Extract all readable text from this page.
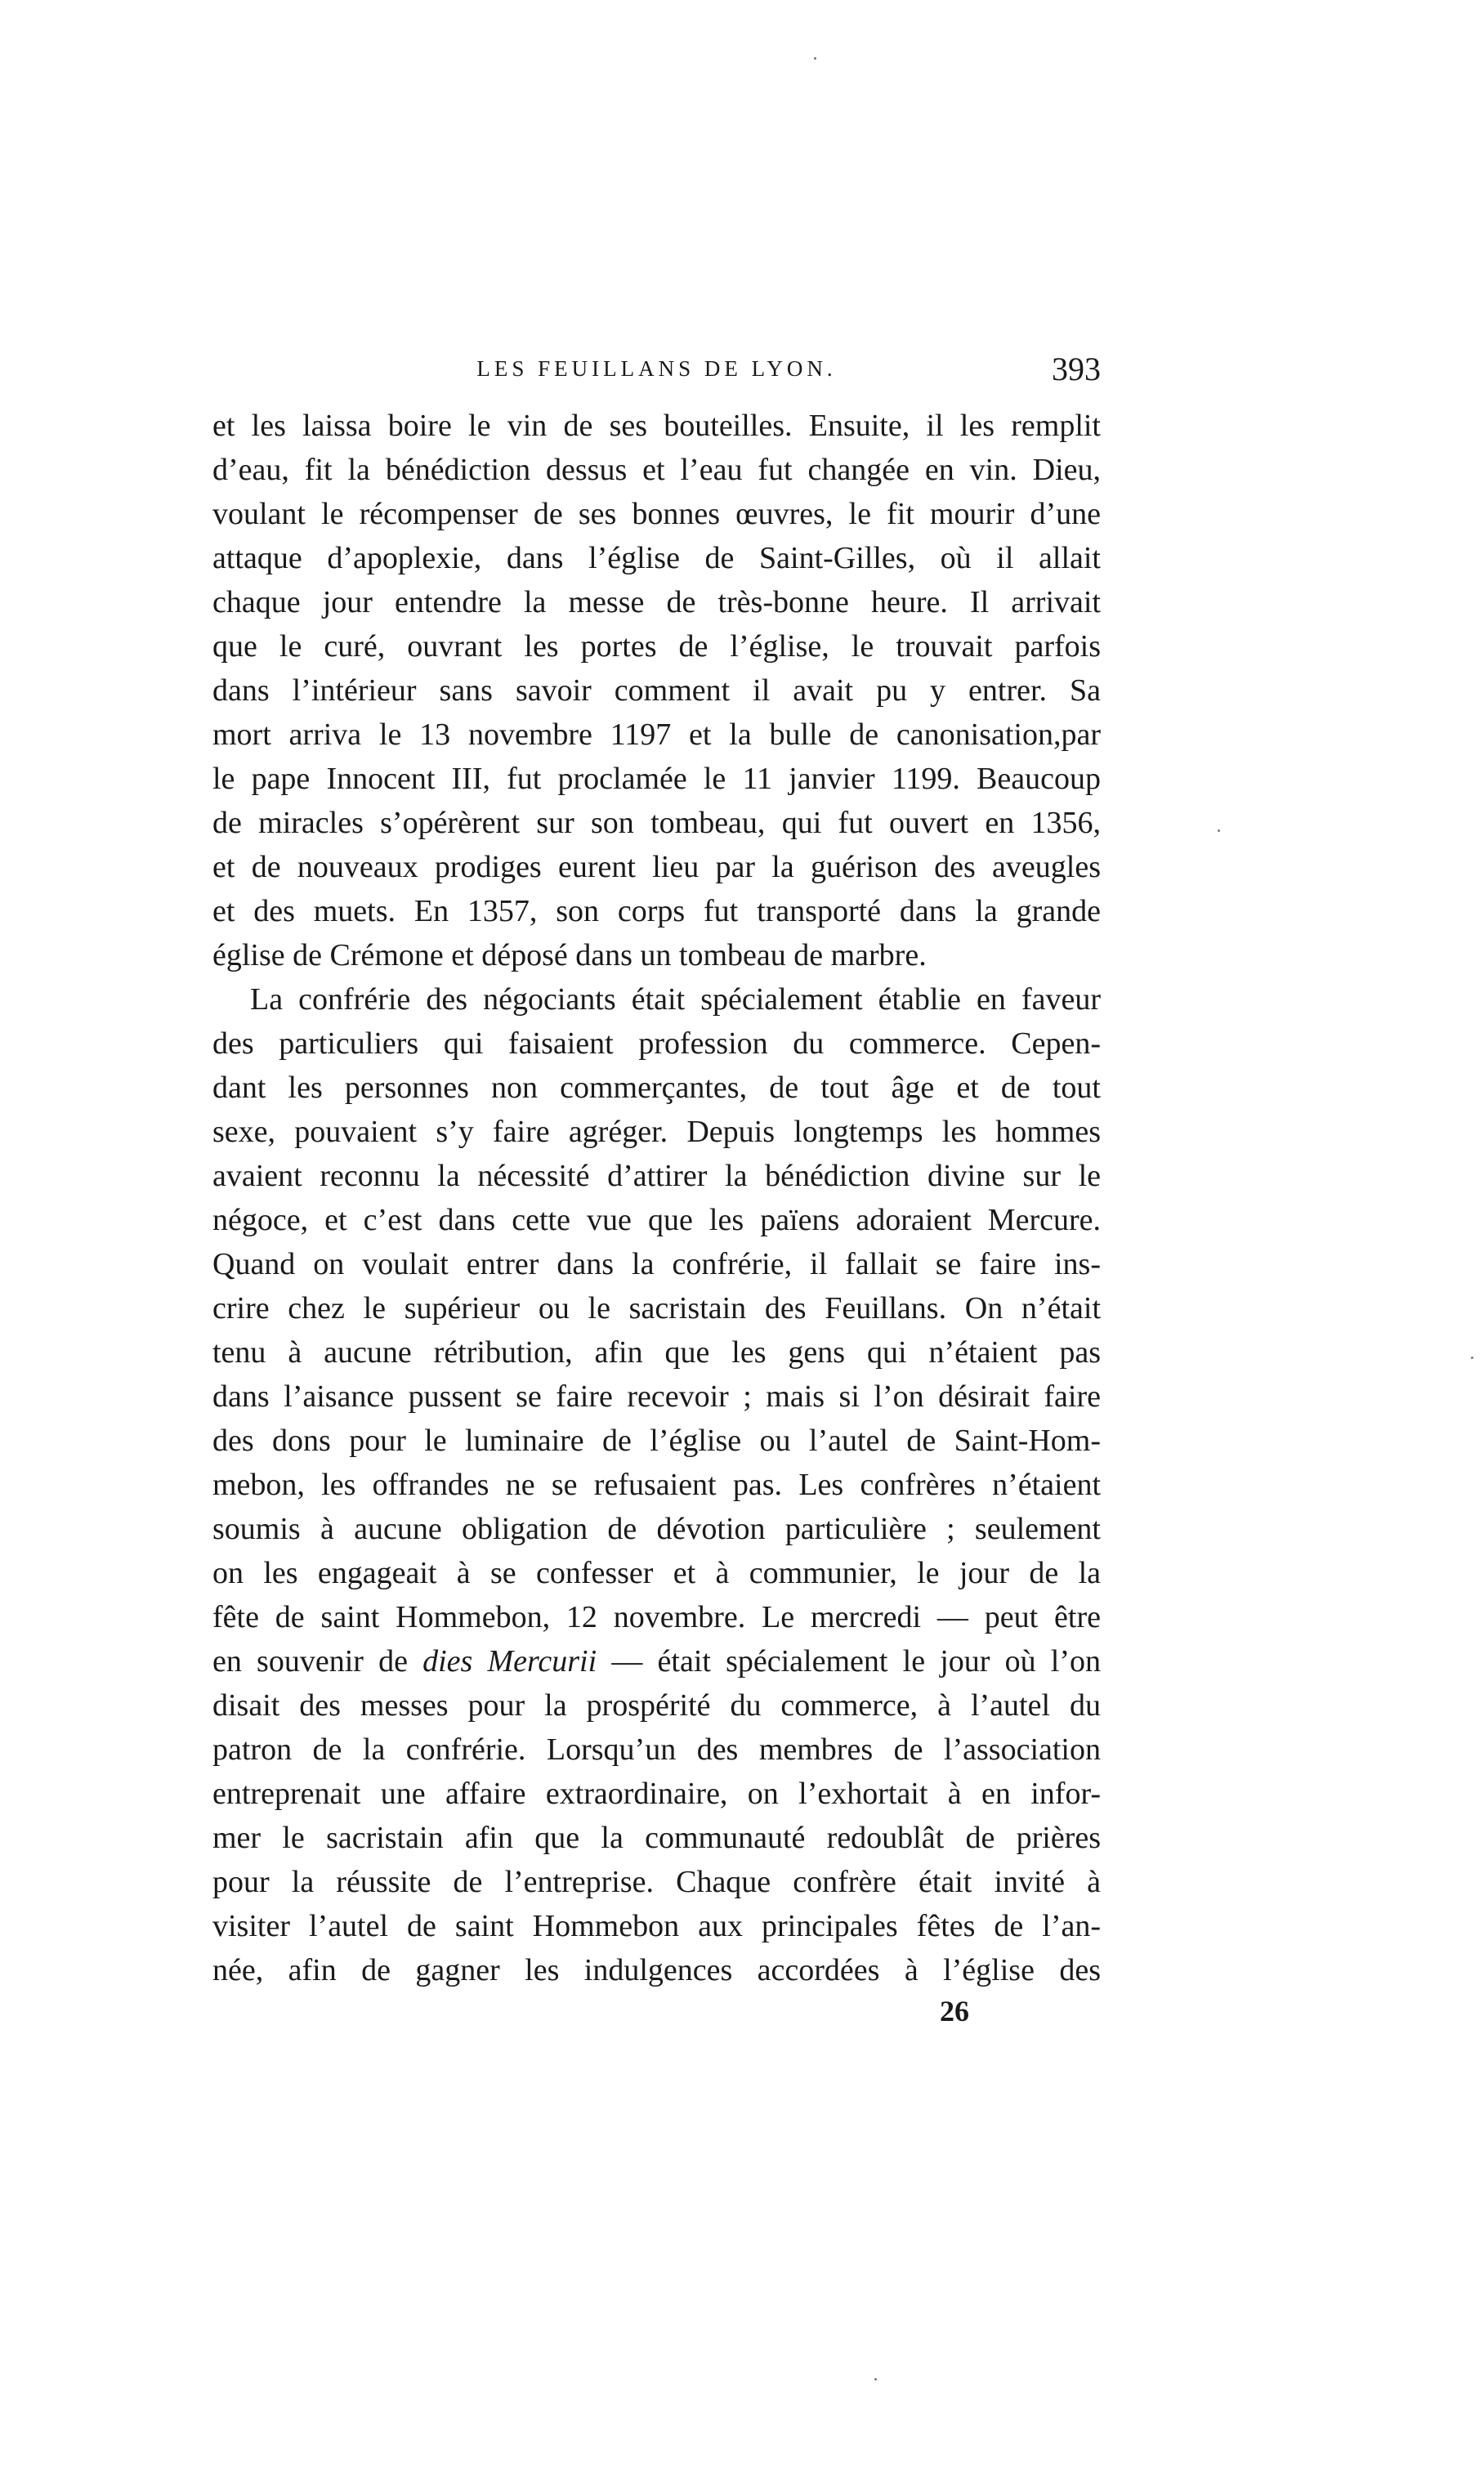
LES FEUILLANS DE LYON.	393
et les laissa boire le vin de ses bouteilles. Ensuite, il les remplit
d’eau, fit la bénédiction dessus et l’eau fut changée en vin. Dieu,
voulant le récompenser de ses bonnes œuvres, le fit mourir d’une
attaque d’apoplexie, dans l’église de Saint-Gilles, où il allait
chaque jour entendre la messe de très-bonne heure. Il arrivait
que le curé, ouvrant les portes de l’église, le trouvait parfois
dans l’intérieur sans savoir comment il avait pu y entrer. Sa
mort arriva le 13 novembre 1197 et la bulle de canonisation,par
le pape Innocent III, fut proclamée le 11 janvier 1199. Beaucoup
de miracles s’opérèrent sur son tombeau, qui fut ouvert en 1356,
et de nouveaux prodiges eurent lieu par la guérison des aveugles
et des muets. En 1357, son corps fut transporté dans la grande
église de Crémone et déposé dans un tombeau de marbre.
La confrérie des négociants était spécialement établie en faveur
des particuliers qui faisaient profession du commerce. Cepen-
dant les personnes non commerçantes, de tout âge et de tout
sexe, pouvaient s’y faire agréger. Depuis longtemps les hommes
avaient reconnu la nécessité d’attirer la bénédiction divine sur le
négoce, et c’est dans cette vue que les païens adoraient Mercure.
Quand on voulait entrer dans la confrérie, il fallait se faire ins-
crire chez le supérieur ou le sacristain des Feuillans. On n’était
tenu à aucune rétribution, afin que les gens qui n’étaient pas
dans l’aisance pussent se faire recevoir ; mais si l’on désirait faire
des dons pour le luminaire de l’église ou l’autel de Saint-Hom-
mebon, les offrandes ne se refusaient pas. Les confrères n’étaient
soumis à aucune obligation de dévotion particulière ; seulement
on les engageait à se confesser et à communier, le jour de la
fête de saint Hommebon, 12 novembre. Le mercredi — peut être
en souvenir de dies Mercurii — était spécialement le jour où l’on
disait des messes pour la prospérité du commerce, à l’autel du
patron de la confrérie. Lorsqu’un des membres de l’association
entreprenait une affaire extraordinaire, on l’exhortait à en infor-
mer le sacristain afin que la communauté redoublât de prières
pour la réussite de l’entreprise. Chaque confrère était invité à
visiter l’autel de saint Hommebon aux principales fêtes de l’an-
née, afin de gagner les indulgences accordées à l’église des
26
